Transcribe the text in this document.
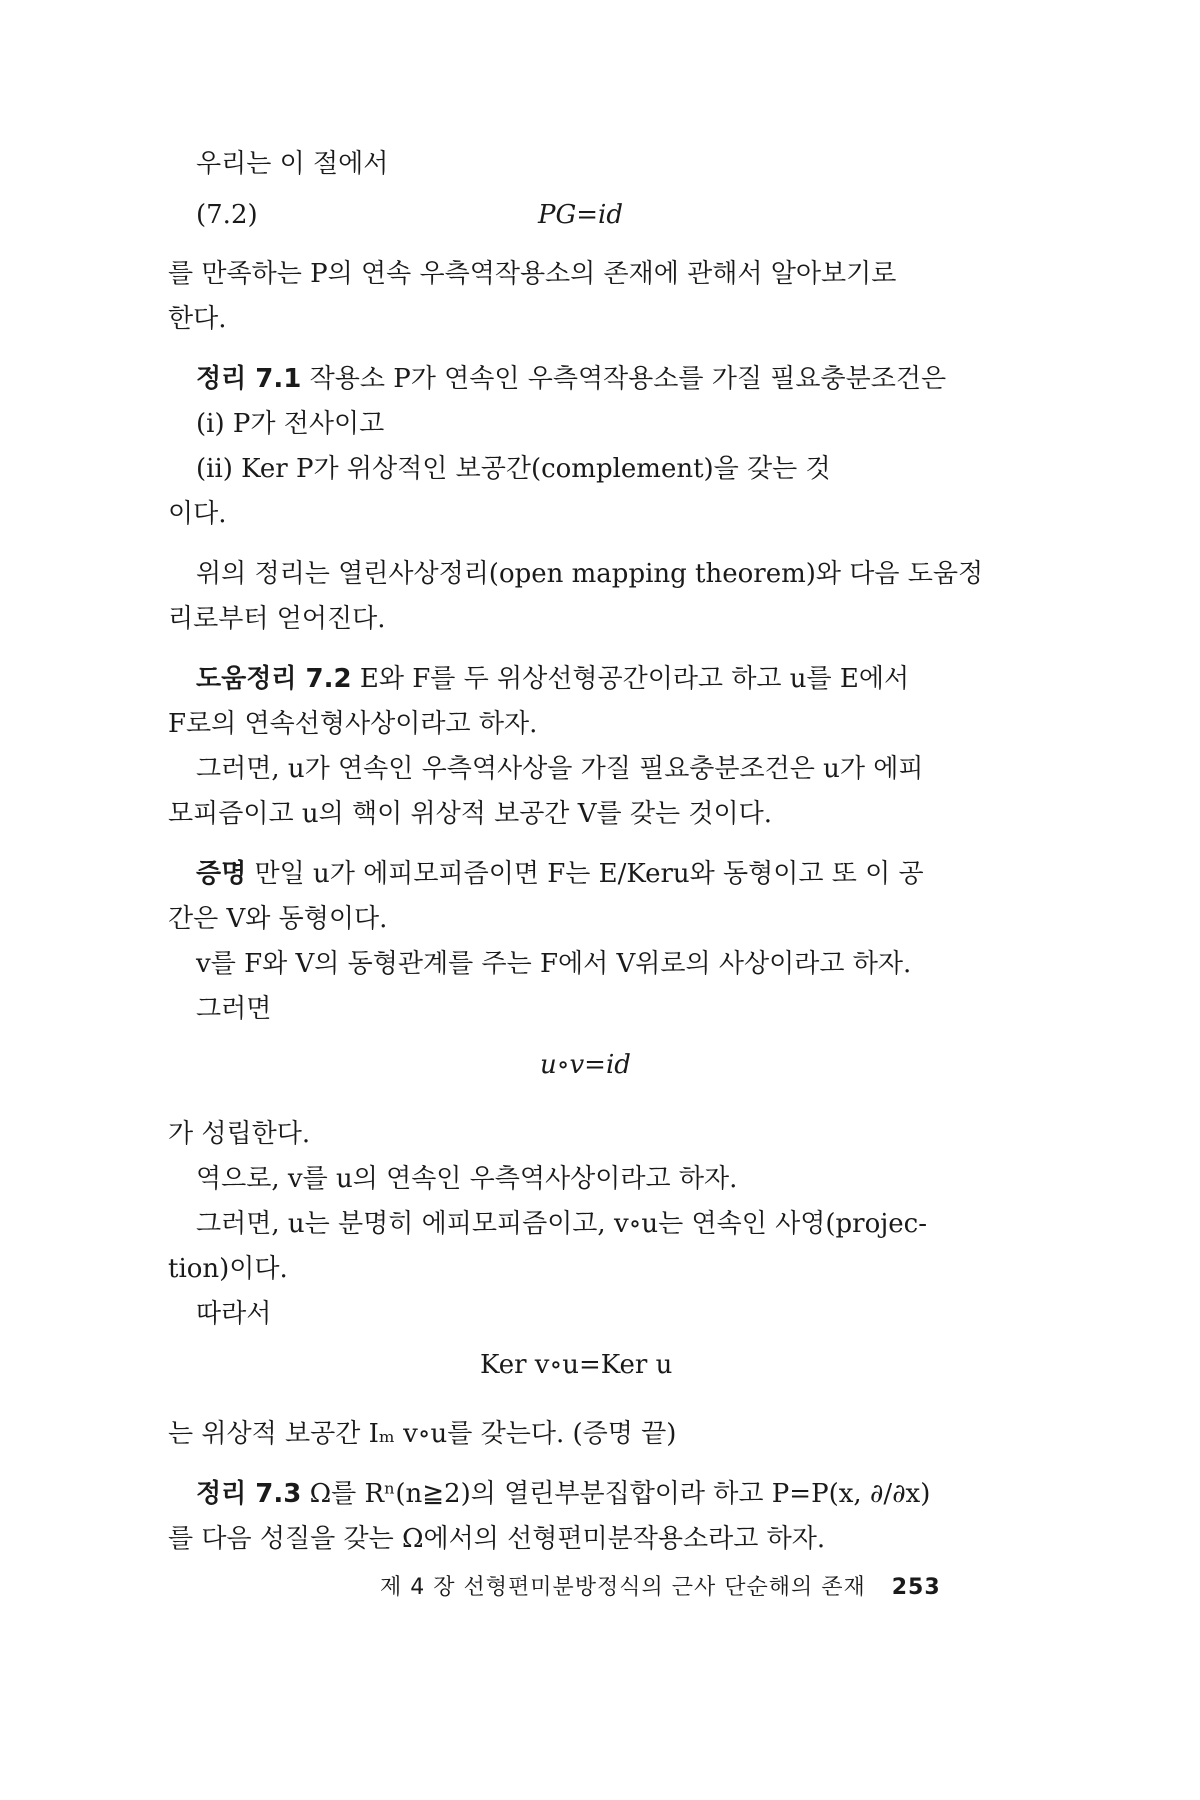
우리는 이 절에서

(7.2)	PG=id

를 만족하는 P의 연속 우측역작용소의 존재에 관해서 알아보기로

한다.

정리 7.1 작용소 P가 연속인 우측역작용소를 가질 필요충분조건은

(i) P가 전사이고

(ii) Ker P가 위상적인 보공간(complement)을 갖는 것

이다.

위의 정리는 열린사상정리(open mapping theorem)와 다음 도움정

리로부터 얻어진다.

도움정리 7.2 E와 F를 두 위상선형공간이라고 하고 u를 E에서

F로의 연속선형사상이라고 하자.

그러면, u가 연속인 우측역사상을 가질 필요충분조건은 u가 에피

모피즘이고 u의 핵이 위상적 보공간 V를 갖는 것이다.

증명 만일 u가 에피모피즘이면 F는 E/Keru와 동형이고 또 이 공

간은 V와 동형이다.

v를 F와 V의 동형관계를 주는 F에서 V위로의 사상이라고 하자.

그러면

u∘v=id

가 성립한다.

역으로, v를 u의 연속인 우측역사상이라고 하자.

그러면, u는 분명히 에피모피즘이고, v∘u는 연속인 사영(projec-

tion)이다.

따라서

Ker v∘u=Ker u

는 위상적 보공간 Iₘ v∘u를 갖는다. (증명 끝)

정리 7.3 Ω를 Rⁿ(n≧2)의 열린부분집합이라 하고 P=P(x, ∂/∂x)

를 다음 성질을 갖는 Ω에서의 선형편미분작용소라고 하자.

제 4 장 선형편미분방정식의 근사 단순해의 존재 253
